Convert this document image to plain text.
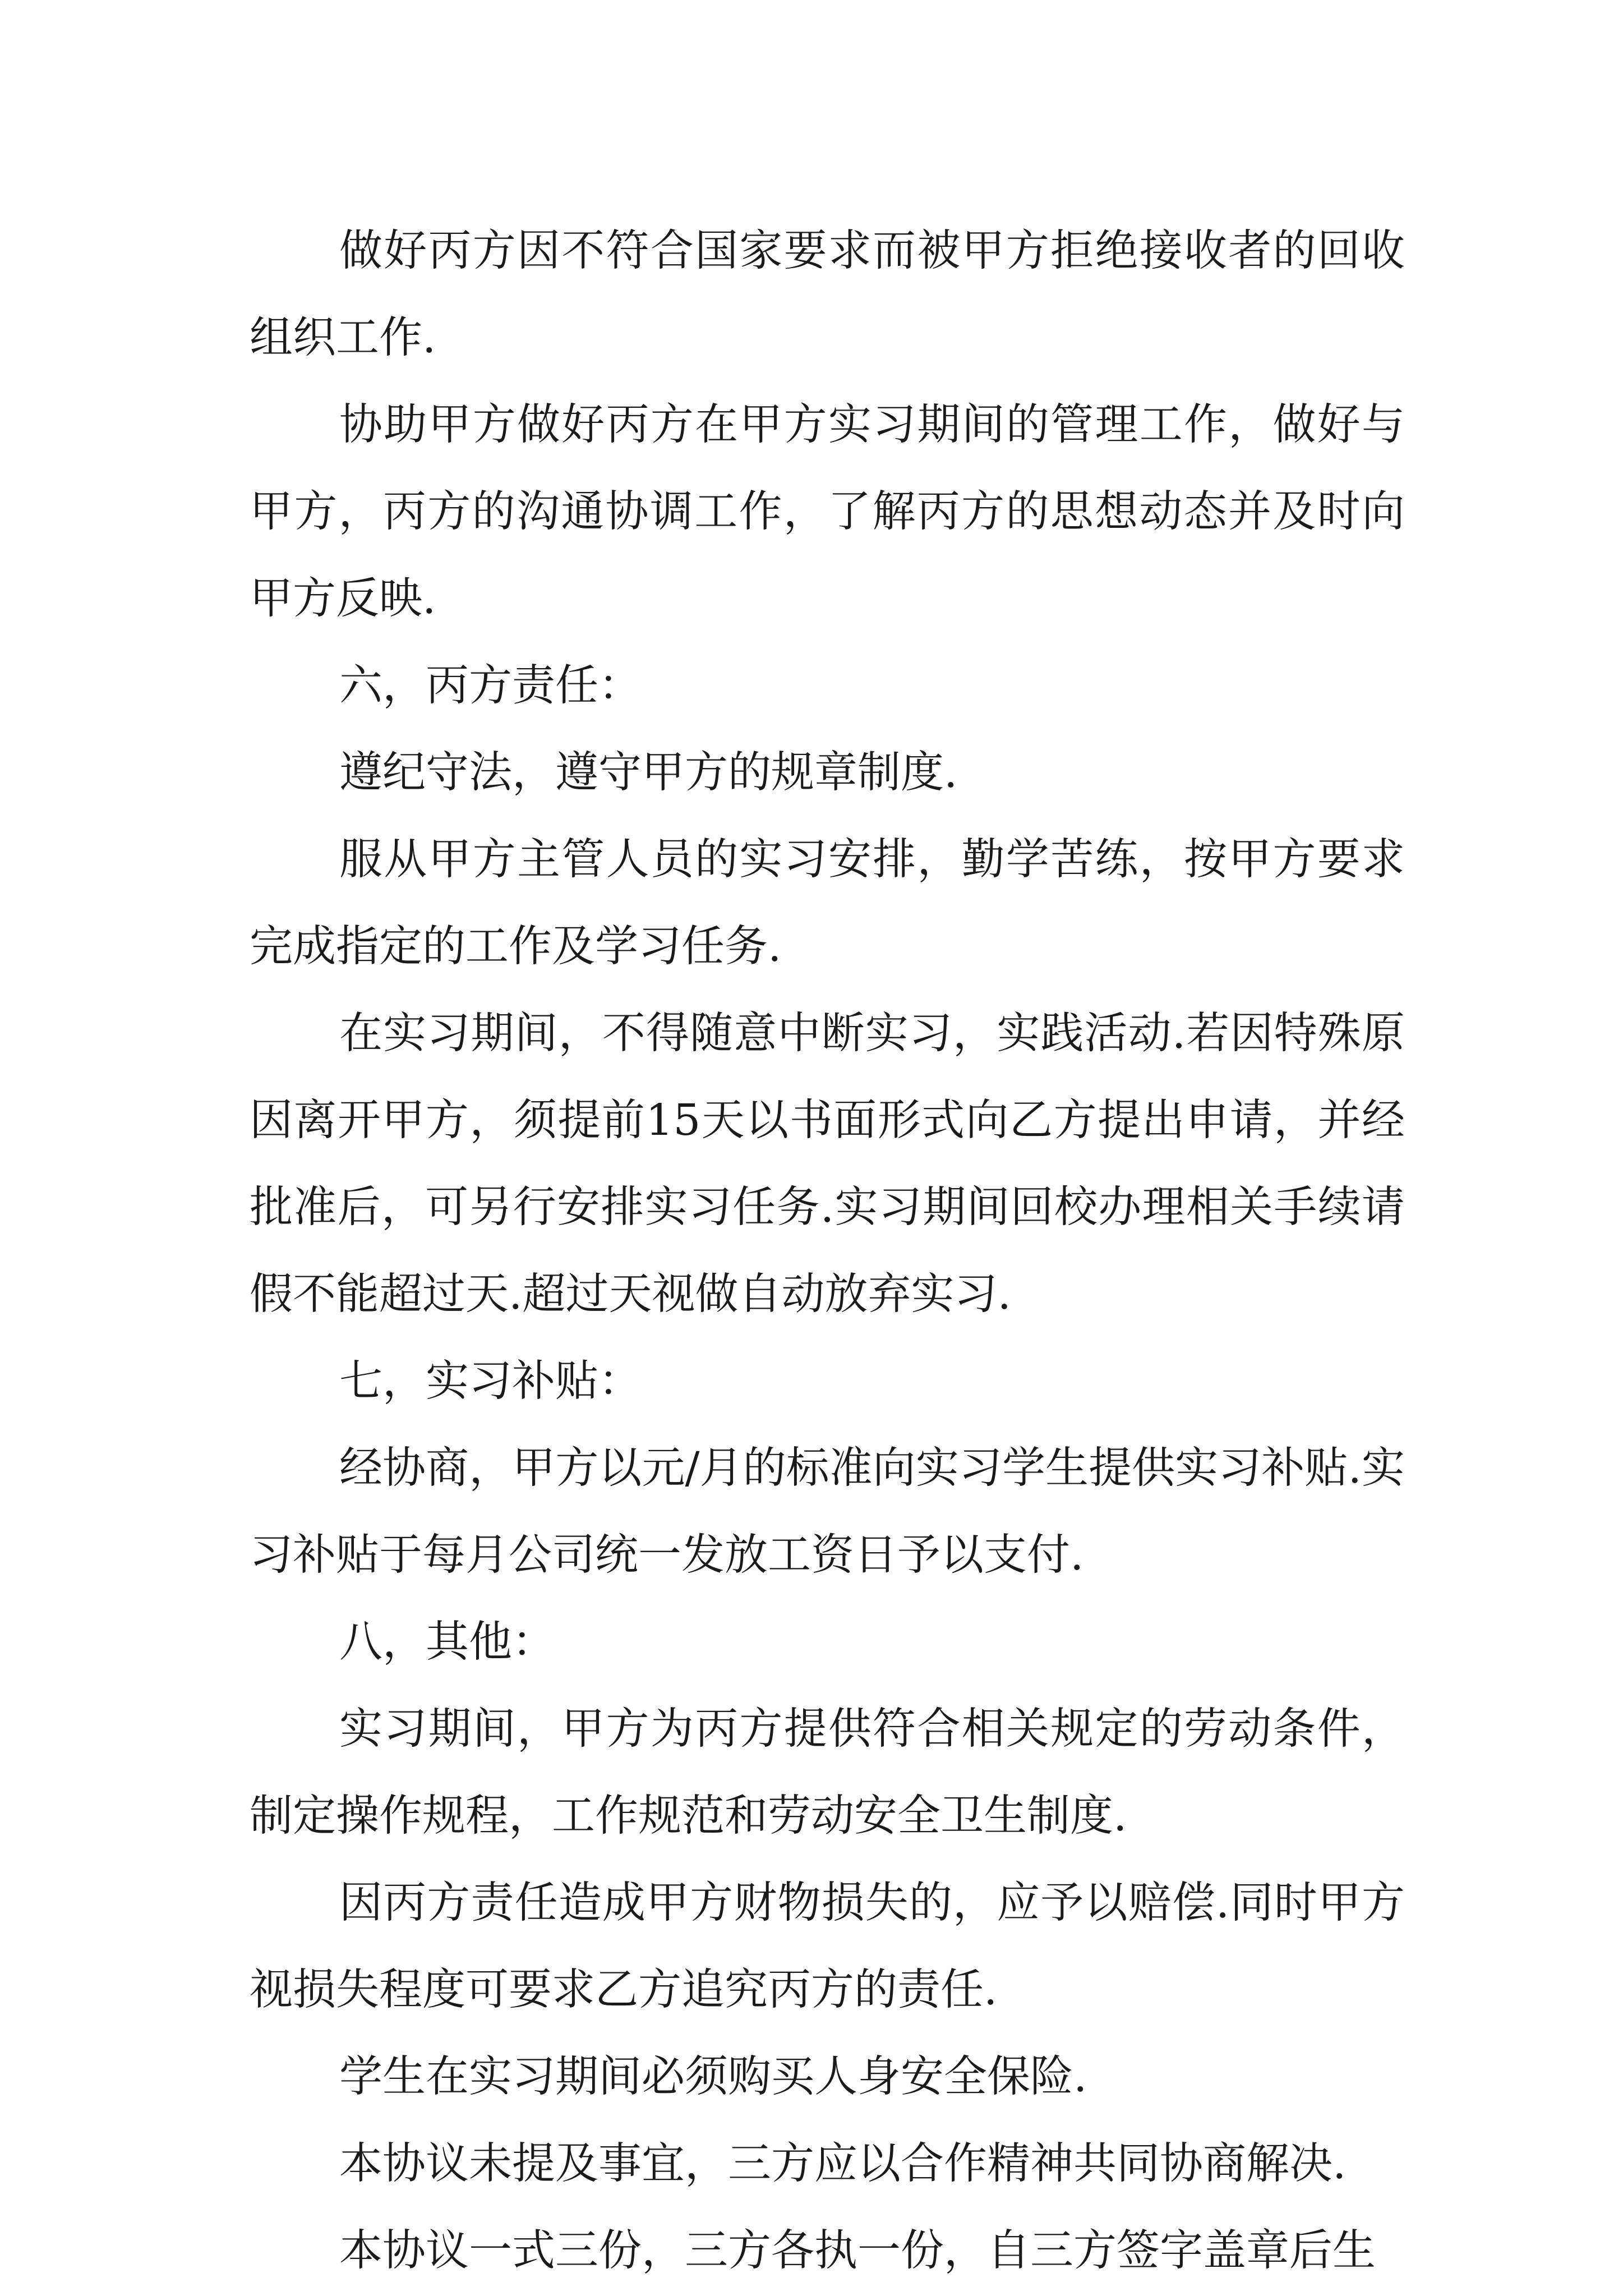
做好丙方因不符合国家要求而被甲方拒绝接收者的回收组织工作.

协助甲方做好丙方在甲方实习期间的管理工作，做好与甲方，丙方的沟通协调工作，了解丙方的思想动态并及时向甲方反映.

六，丙方责任：

遵纪守法，遵守甲方的规章制度.

服从甲方主管人员的实习安排，勤学苦练，按甲方要求完成指定的工作及学习任务.

在实习期间，不得随意中断实习，实践活动.若因特殊原因离开甲方，须提前15天以书面形式向乙方提出申请，并经批准后，可另行安排实习任务.实习期间回校办理相关手续请假不能超过天.超过天视做自动放弃实习.

七，实习补贴：

经协商，甲方以元/月的标准向实习学生提供实习补贴.实习补贴于每月公司统一发放工资日予以支付.

八，其他：

实习期间，甲方为丙方提供符合相关规定的劳动条件，制定操作规程，工作规范和劳动安全卫生制度.

因丙方责任造成甲方财物损失的，应予以赔偿.同时甲方视损失程度可要求乙方追究丙方的责任.

学生在实习期间必须购买人身安全保险.

本协议未提及事宜，三方应以合作精神共同协商解决.

本协议一式三份，三方各执一份，自三方签字盖章后生
